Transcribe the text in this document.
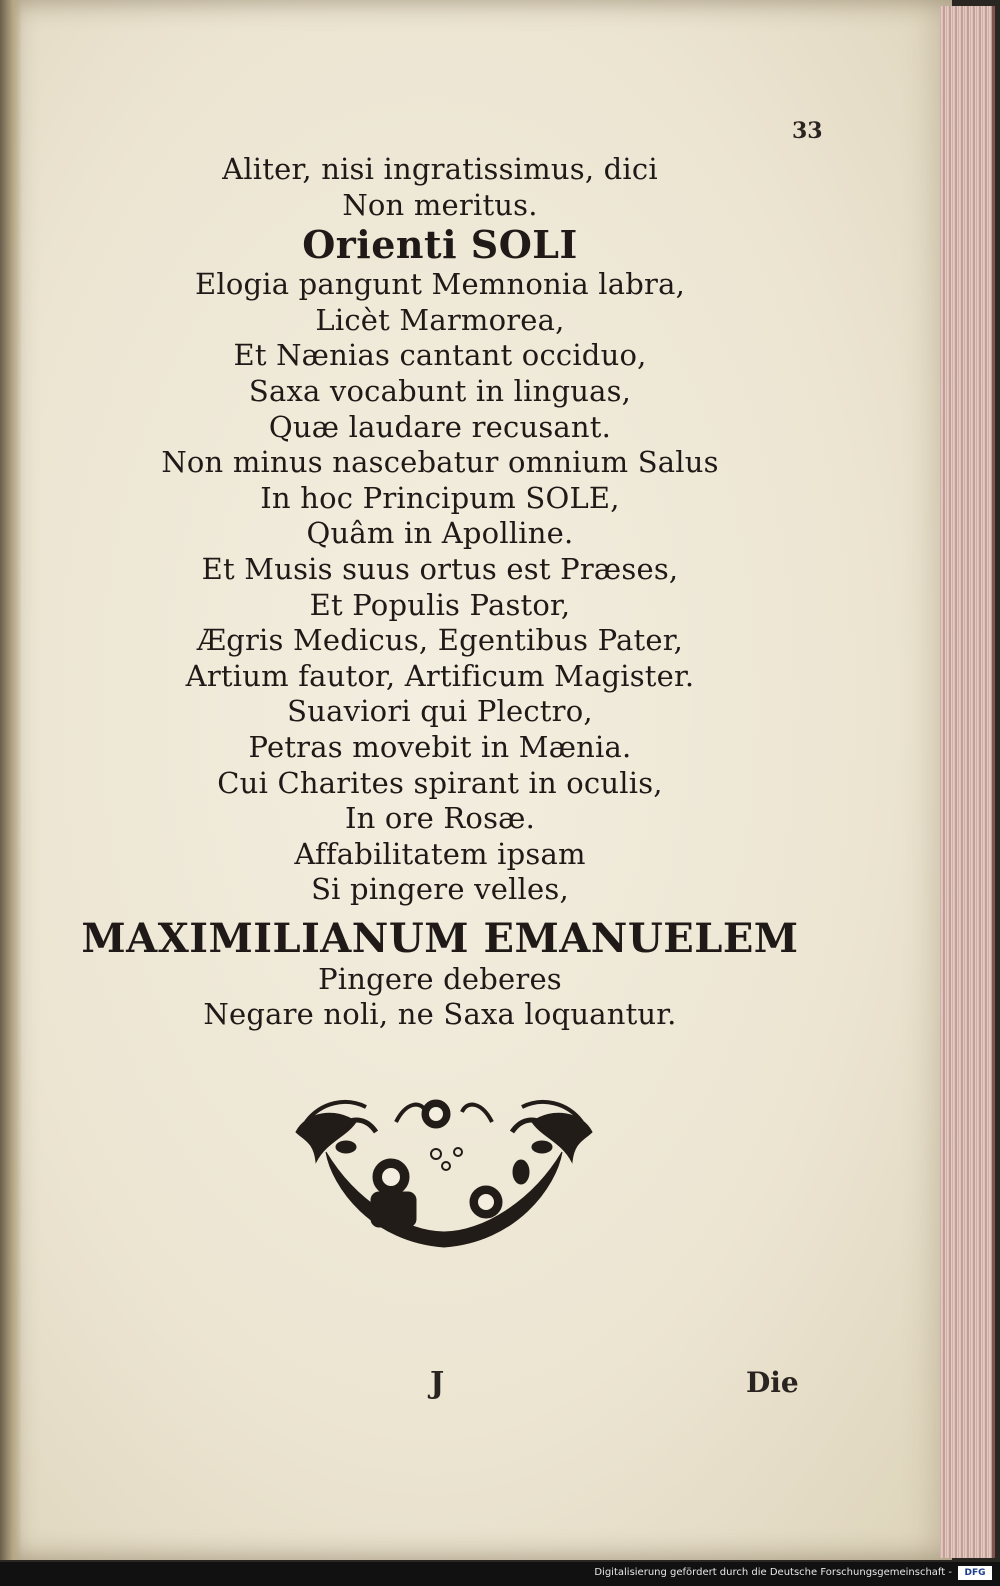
33
Aliter, nisi ingratissimus, dici
Non meritus.
Orienti SOLI
Elogia pangunt Memnonia labra,
Licèt Marmorea,
Et Nænias cantant occiduo,
Saxa vocabunt in linguas,
Quæ laudare recusant.
Non minus nascebatur omnium Salus
In hoc Principum SOLE,
Quâm in Apolline.
Et Musis suus ortus est Præses,
Et Populis Pastor,
Ægris Medicus, Egentibus Pater,
Artium fautor, Artificum Magister.
Suaviori qui Plectro,
Petras movebit in Mænia.
Cui Charites spirant in oculis,
In ore Rosæ.
Affabilitatem ipsam
Si pingere velles,
MAXIMILIANUM EMANUELEM
Pingere deberes
Negare noli, ne Saxa loquantur.
J	Die
Digitalisierung gefördert durch die Deutsche Forschungsgemeinschaft -	DFG
